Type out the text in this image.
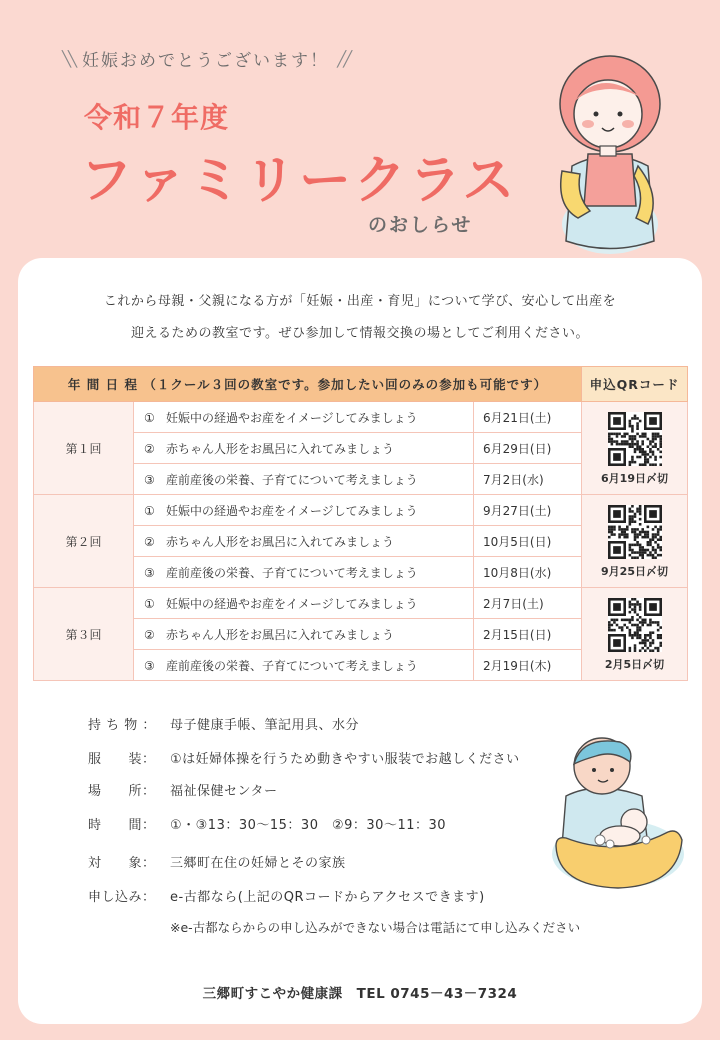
╲╲ 妊娠おめでとうございます！ ╱╱
令和７年度
ファミリークラス
のおしらせ
これから母親・父親になる方が「妊娠・出産・育児」について学び、安心して出産を
迎えるための教室です。ぜひ参加して情報交換の場としてご利用ください。
年 間 日 程 （１クール３回の教室です。参加したい回のみの参加も可能です）			申込QRコード
第１回	① 妊娠中の経過やお産をイメージしてみましょう	6月21日(土)	6月19日〆切

	② 赤ちゃん人形をお風呂に入れてみましょう	6月29日(日)	
	③ 産前産後の栄養、子育てについて考えましょう	7月2日(水)	
第２回	① 妊娠中の経過やお産をイメージしてみましょう	9月27日(土)	9月25日〆切

	② 赤ちゃん人形をお風呂に入れてみましょう	10月5日(日)	
	③ 産前産後の栄養、子育てについて考えましょう	10月8日(水)	
第３回	① 妊娠中の経過やお産をイメージしてみましょう	2月7日(土)	2月5日〆切

	② 赤ちゃん人形をお風呂に入れてみましょう	2月15日(日)	
	③ 産前産後の栄養、子育てについて考えましょう	2月19日(木)	
持 ち 物 ： 母子健康手帳、筆記用具、水分
服　　装： ①は妊婦体操を行うため動きやすい服装でお越しください
場　　所： 福祉保健センター
時　　間： ①・③13：30〜15：30　②9：30〜11：30
対　　象： 三郷町在住の妊婦とその家族
申し込み： e-古都なら(上記のQRコードからアクセスできます)
※e-古都ならからの申し込みができない場合は電話にて申し込みください
三郷町すこやか健康課　TEL 0745－43－7324
